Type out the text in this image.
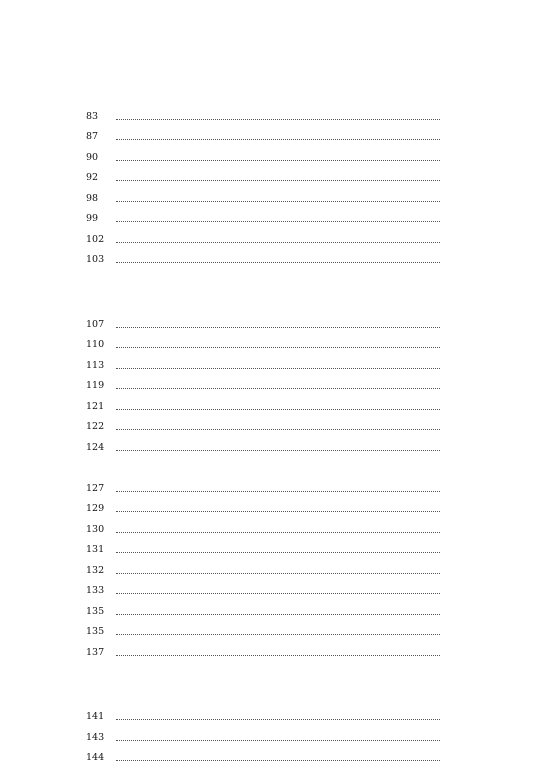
83
87
90
92
98
99
102
103
107
110
113
119
121
122
124
127
129
130
131
132
133
135
135
137
141
143
144
